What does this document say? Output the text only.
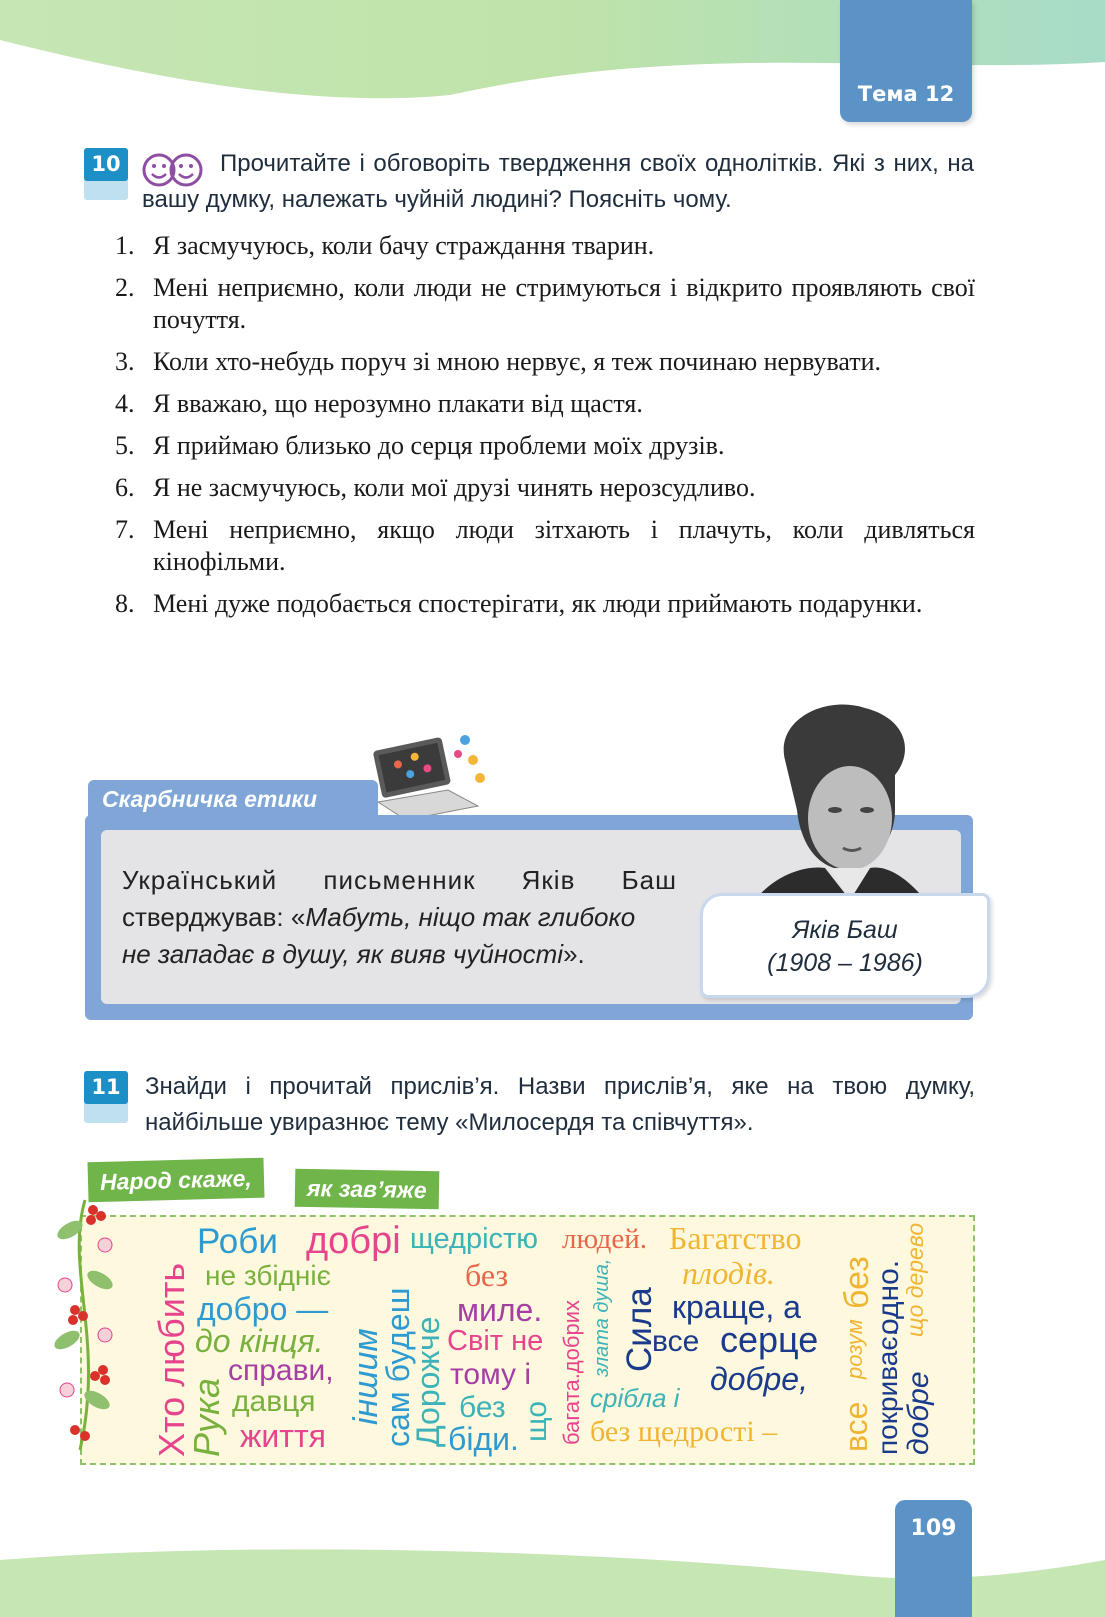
Тема 12
10	Прочитайте і обговоріть твердження своїх однолітків. Які з них, на вашу думку, належать чуйній людині? Поясніть чому.
1. Я засмучуюсь, коли бачу страждання тварин.
2. Мені неприємно, коли люди не стримуються і відкрито проявляють свої почуття.
3. Коли хто-небудь поруч зі мною нервує, я теж починаю нервувати.
4. Я вважаю, що нерозумно плакати від щастя.
5. Я приймаю близько до серця проблеми моїх друзів.
6. Я не засмучуюсь, коли мої друзі чинять нерозсудливо.
7. Мені неприємно, якщо люди зітхають і плачуть, коли дивляться кінофільми.
8. Мені дуже подобається спостерігати, як люди приймають подарунки.
Скарбничка етики
Український письменник Яків Баш
стверджував: «Мабуть, ніщо так глибоко
не западає в душу, як вияв чуйності».
Яків Баш
(1908 – 1986)
11	Знайди і прочитай прислів’я. Назви прислів’я, яке на твою думку, найбільше увиразнює тему «Милосердя та співчуття».
Народ скаже,	як зав’яже
Хто любить
Рука
Роби добрі
не збідніє
добро —
до кінця.
справи,
давця
життя
іншим
сам будеш
Дорожче
щедрістю
без
миле.
Світ не
тому і
без
біди. що
людей.
багата.добрих злата душа, Сила
срібла і
без щедрості –
Багатство
плодів.
краще, а
все серце
добре,
без
розум
все
одно.
покриває.
що дерево
добре
109
